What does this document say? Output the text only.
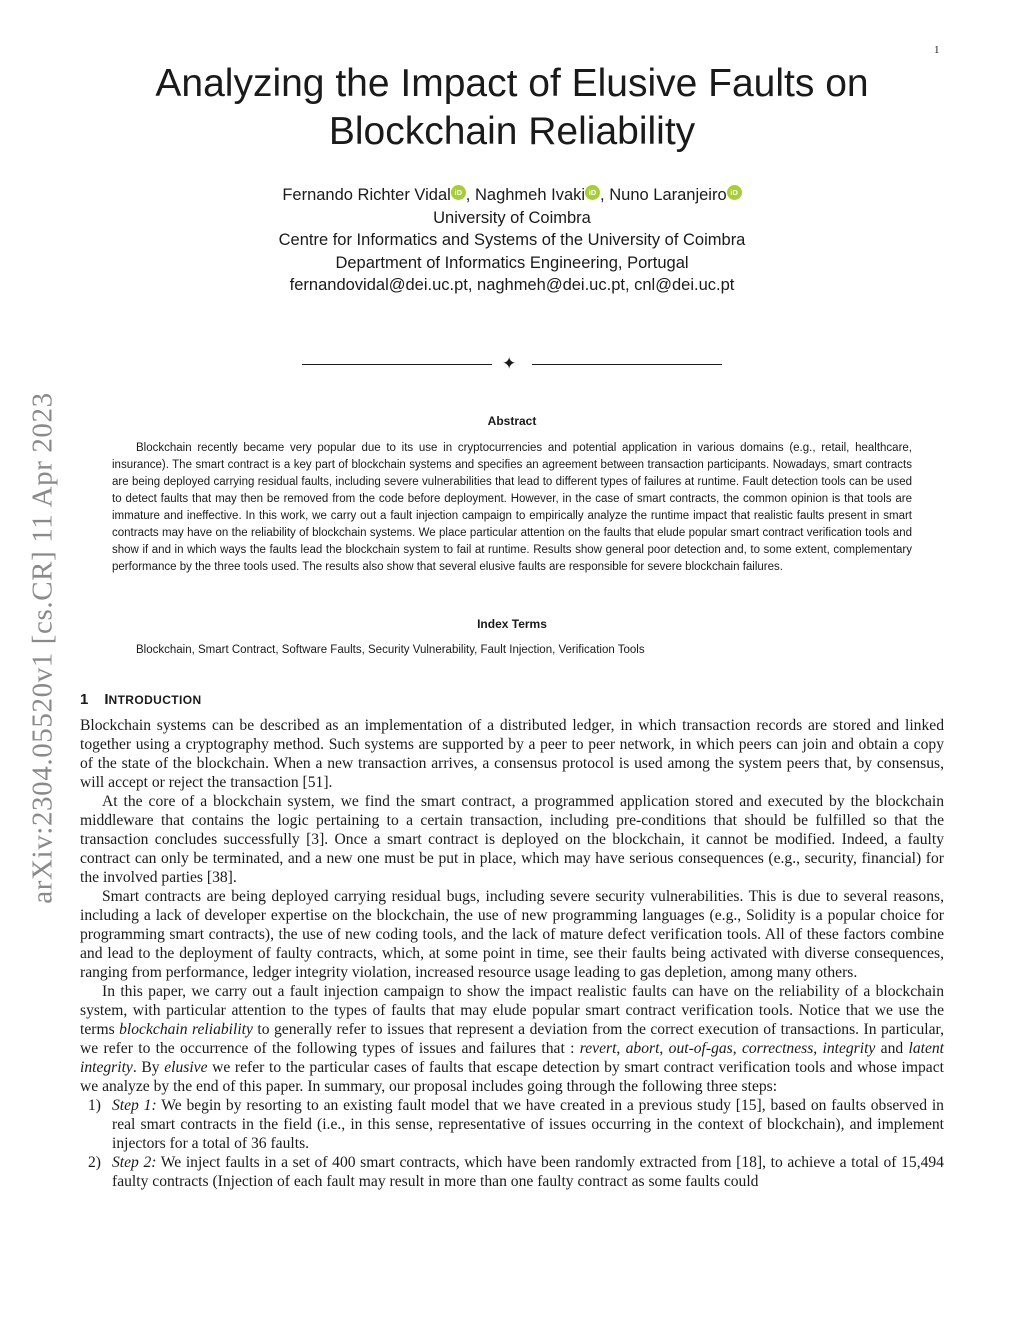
1
arXiv:2304.05520v1 [cs.CR] 11 Apr 2023
Analyzing the Impact of Elusive Faults on Blockchain Reliability
Fernando Richter Vidal iD , Naghmeh Ivaki iD , Nuno Laranjeiro iD
University of Coimbra
Centre for Informatics and Systems of the University of Coimbra
Department of Informatics Engineering, Portugal
fernandovidal@dei.uc.pt, naghmeh@dei.uc.pt, cnl@dei.uc.pt
✦
Abstract

Blockchain recently became very popular due to its use in cryptocurrencies and potential application in various domains (e.g., retail, healthcare, insurance). The smart contract is a key part of blockchain systems and specifies an agreement between transaction participants. Nowadays, smart contracts are being deployed carrying residual faults, including severe vulnerabilities that lead to different types of failures at runtime. Fault detection tools can be used to detect faults that may then be removed from the code before deployment. However, in the case of smart contracts, the common opinion is that tools are immature and ineffective. In this work, we carry out a fault injection campaign to empirically analyze the runtime impact that realistic faults present in smart contracts may have on the reliability of blockchain systems. We place particular attention on the faults that elude popular smart contract verification tools and show if and in which ways the faults lead the blockchain system to fail at runtime. Results show general poor detection and, to some extent, complementary performance by the three tools used. The results also show that several elusive faults are responsible for severe blockchain failures.

Index Terms

Blockchain, Smart Contract, Software Faults, Security Vulnerability, Fault Injection, Verification Tools

1 INTRODUCTION

Blockchain systems can be described as an implementation of a distributed ledger, in which transaction records are stored and linked together using a cryptography method. Such systems are supported by a peer to peer network, in which peers can join and obtain a copy of the state of the blockchain. When a new transaction arrives, a consensus protocol is used among the system peers that, by consensus, will accept or reject the transaction [51].

At the core of a blockchain system, we find the smart contract, a programmed application stored and executed by the blockchain middleware that contains the logic pertaining to a certain transaction, including pre-conditions that should be fulfilled so that the transaction concludes successfully [3]. Once a smart contract is deployed on the blockchain, it cannot be modified. Indeed, a faulty contract can only be terminated, and a new one must be put in place, which may have serious consequences (e.g., security, financial) for the involved parties [38].

Smart contracts are being deployed carrying residual bugs, including severe security vulnerabilities. This is due to several reasons, including a lack of developer expertise on the blockchain, the use of new programming languages (e.g., Solidity is a popular choice for programming smart contracts), the use of new coding tools, and the lack of mature defect verification tools. All of these factors combine and lead to the deployment of faulty contracts, which, at some point in time, see their faults being activated with diverse consequences, ranging from performance, ledger integrity violation, increased resource usage leading to gas depletion, among many others.

In this paper, we carry out a fault injection campaign to show the impact realistic faults can have on the reliability of a blockchain system, with particular attention to the types of faults that may elude popular smart contract verification tools. Notice that we use the terms blockchain reliability to generally refer to issues that represent a deviation from the correct execution of transactions. In particular, we refer to the occurrence of the following types of issues and failures that : revert, abort, out-of-gas, correctness, integrity and latent integrity. By elusive we refer to the particular cases of faults that escape detection by smart contract verification tools and whose impact we analyze by the end of this paper. In summary, our proposal includes going through the following three steps:

1) Step 1: We begin by resorting to an existing fault model that we have created in a previous study [15], based on faults observed in real smart contracts in the field (i.e., in this sense, representative of issues occurring in the context of blockchain), and implement injectors for a total of 36 faults.
2) Step 2: We inject faults in a set of 400 smart contracts, which have been randomly extracted from [18], to achieve a total of 15,494 faulty contracts (Injection of each fault may result in more than one faulty contract as some faults could
